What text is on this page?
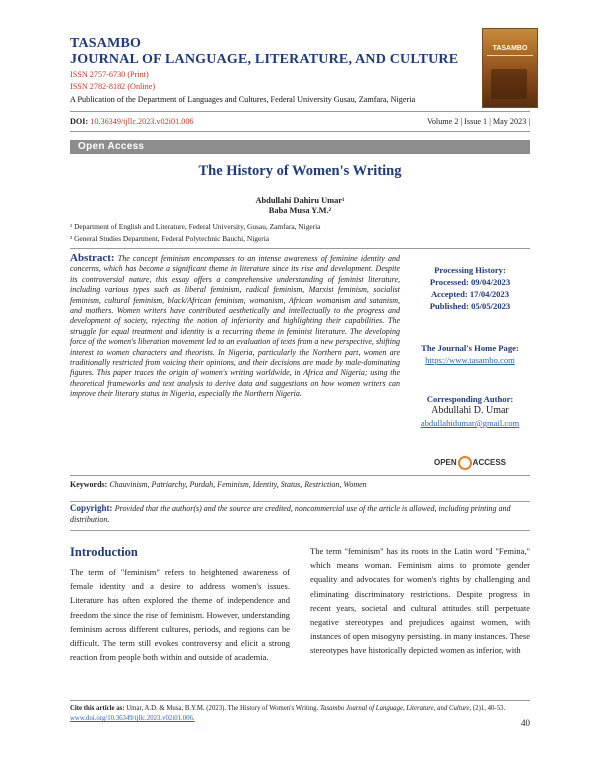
TASAMBO
JOURNAL OF LANGUAGE, LITERATURE, AND CULTURE
ISSN 2757-6730 (Print)
ISSN 2782-8182 (Online)
A Publication of the Department of Languages and Cultures, Federal University Gusau, Zamfara, Nigeria
TASAMBO
DOI: 10.36349/tjllc.2023.v02i01.006	Volume 2 | Issue 1 | May 2023 |
Open Access
The History of Women's Writing
Abdullahi Dahiru Umar¹
Baba Musa Y.M.²
¹ Department of English and Literature, Federal University, Gusau, Zamfara, Nigeria
² General Studies Department, Federal Polytechnic Bauchi, Nigeria
Abstract: The concept feminism encompasses to an intense awareness of feminine identity and concerns, which has become a significant theme in literature since its rise and development. Despite its controversial nature, this essay offers a comprehensive understanding of feminist literature, including various types such as liberal feminism, radical feminism, Marxist feminism, socialist feminism, cultural feminism, black/African feminism, womanism, African womanism and satanism, and mothers. Women writers have contributed aesthetically and intellectually to the progress and development of society, rejecting the notion of inferiority and highlighting their capabilities. The struggle for equal treatment and identity is a recurring theme in feminist literature. The developing force of the women's liberation movement led to an evaluation of texts from a new perspective, shifting interest to women characters and theorists. In Nigeria, particularly the Northern part, women are traditionally restricted from voicing their opinions, and their decisions are made by male-dominating figures. This paper traces the origin of women's writing worldwide, in Africa and Nigeria; using the theoretical frameworks and text analysis to derive data and suggestions on how women writers can improve their literary status in Nigeria, especially the Northern Nigeria.
Processing History:
Processed: 09/04/2023
Accepted: 17/04/2023
Published: 05/05/2023
The Journal's Home Page:
https://www.tasambo.com
Corresponding Author:
Abdullahi D. Umar
abdullahidumar@gmail.com
OPEN ACCESS
Keywords: Chauvinism, Patriarchy, Purdah, Feminism, Identity, Status, Restriction, Women
Copyright: Provided that the author(s) and the source are credited, noncommercial use of the article is allowed, including printing and distribution.
Introduction
The term of "feminism" refers to heightened awareness of female identity and a desire to address women's issues. Literature has often explored the theme of independence and freedom the since the rise of feminism. However, understanding feminism across different cultures, periods, and regions can be difficult. The term still evokes controversy and elicit a strong reaction from people both within and outside of academia.
The term "feminism" has its roots in the Latin word "Femina," which means woman. Feminism aims to promote gender equality and advocates for women's rights by challenging and eliminating discriminatory restrictions. Despite progress in recent years, societal and cultural attitudes still perpetuate negative stereotypes and prejudices against women, with instances of open misogyny persisting. in many instances. These stereotypes have historically depicted women as inferior, with
Cite this article as: Umar, A.D. & Musa, B.Y.M. (2023). The History of Women's Writing. Tasambo Journal of Language, Literature, and Culture, (2)1, 40-53. www.doi.org/10.36349/tjllc.2023.v02i01.006.	40
